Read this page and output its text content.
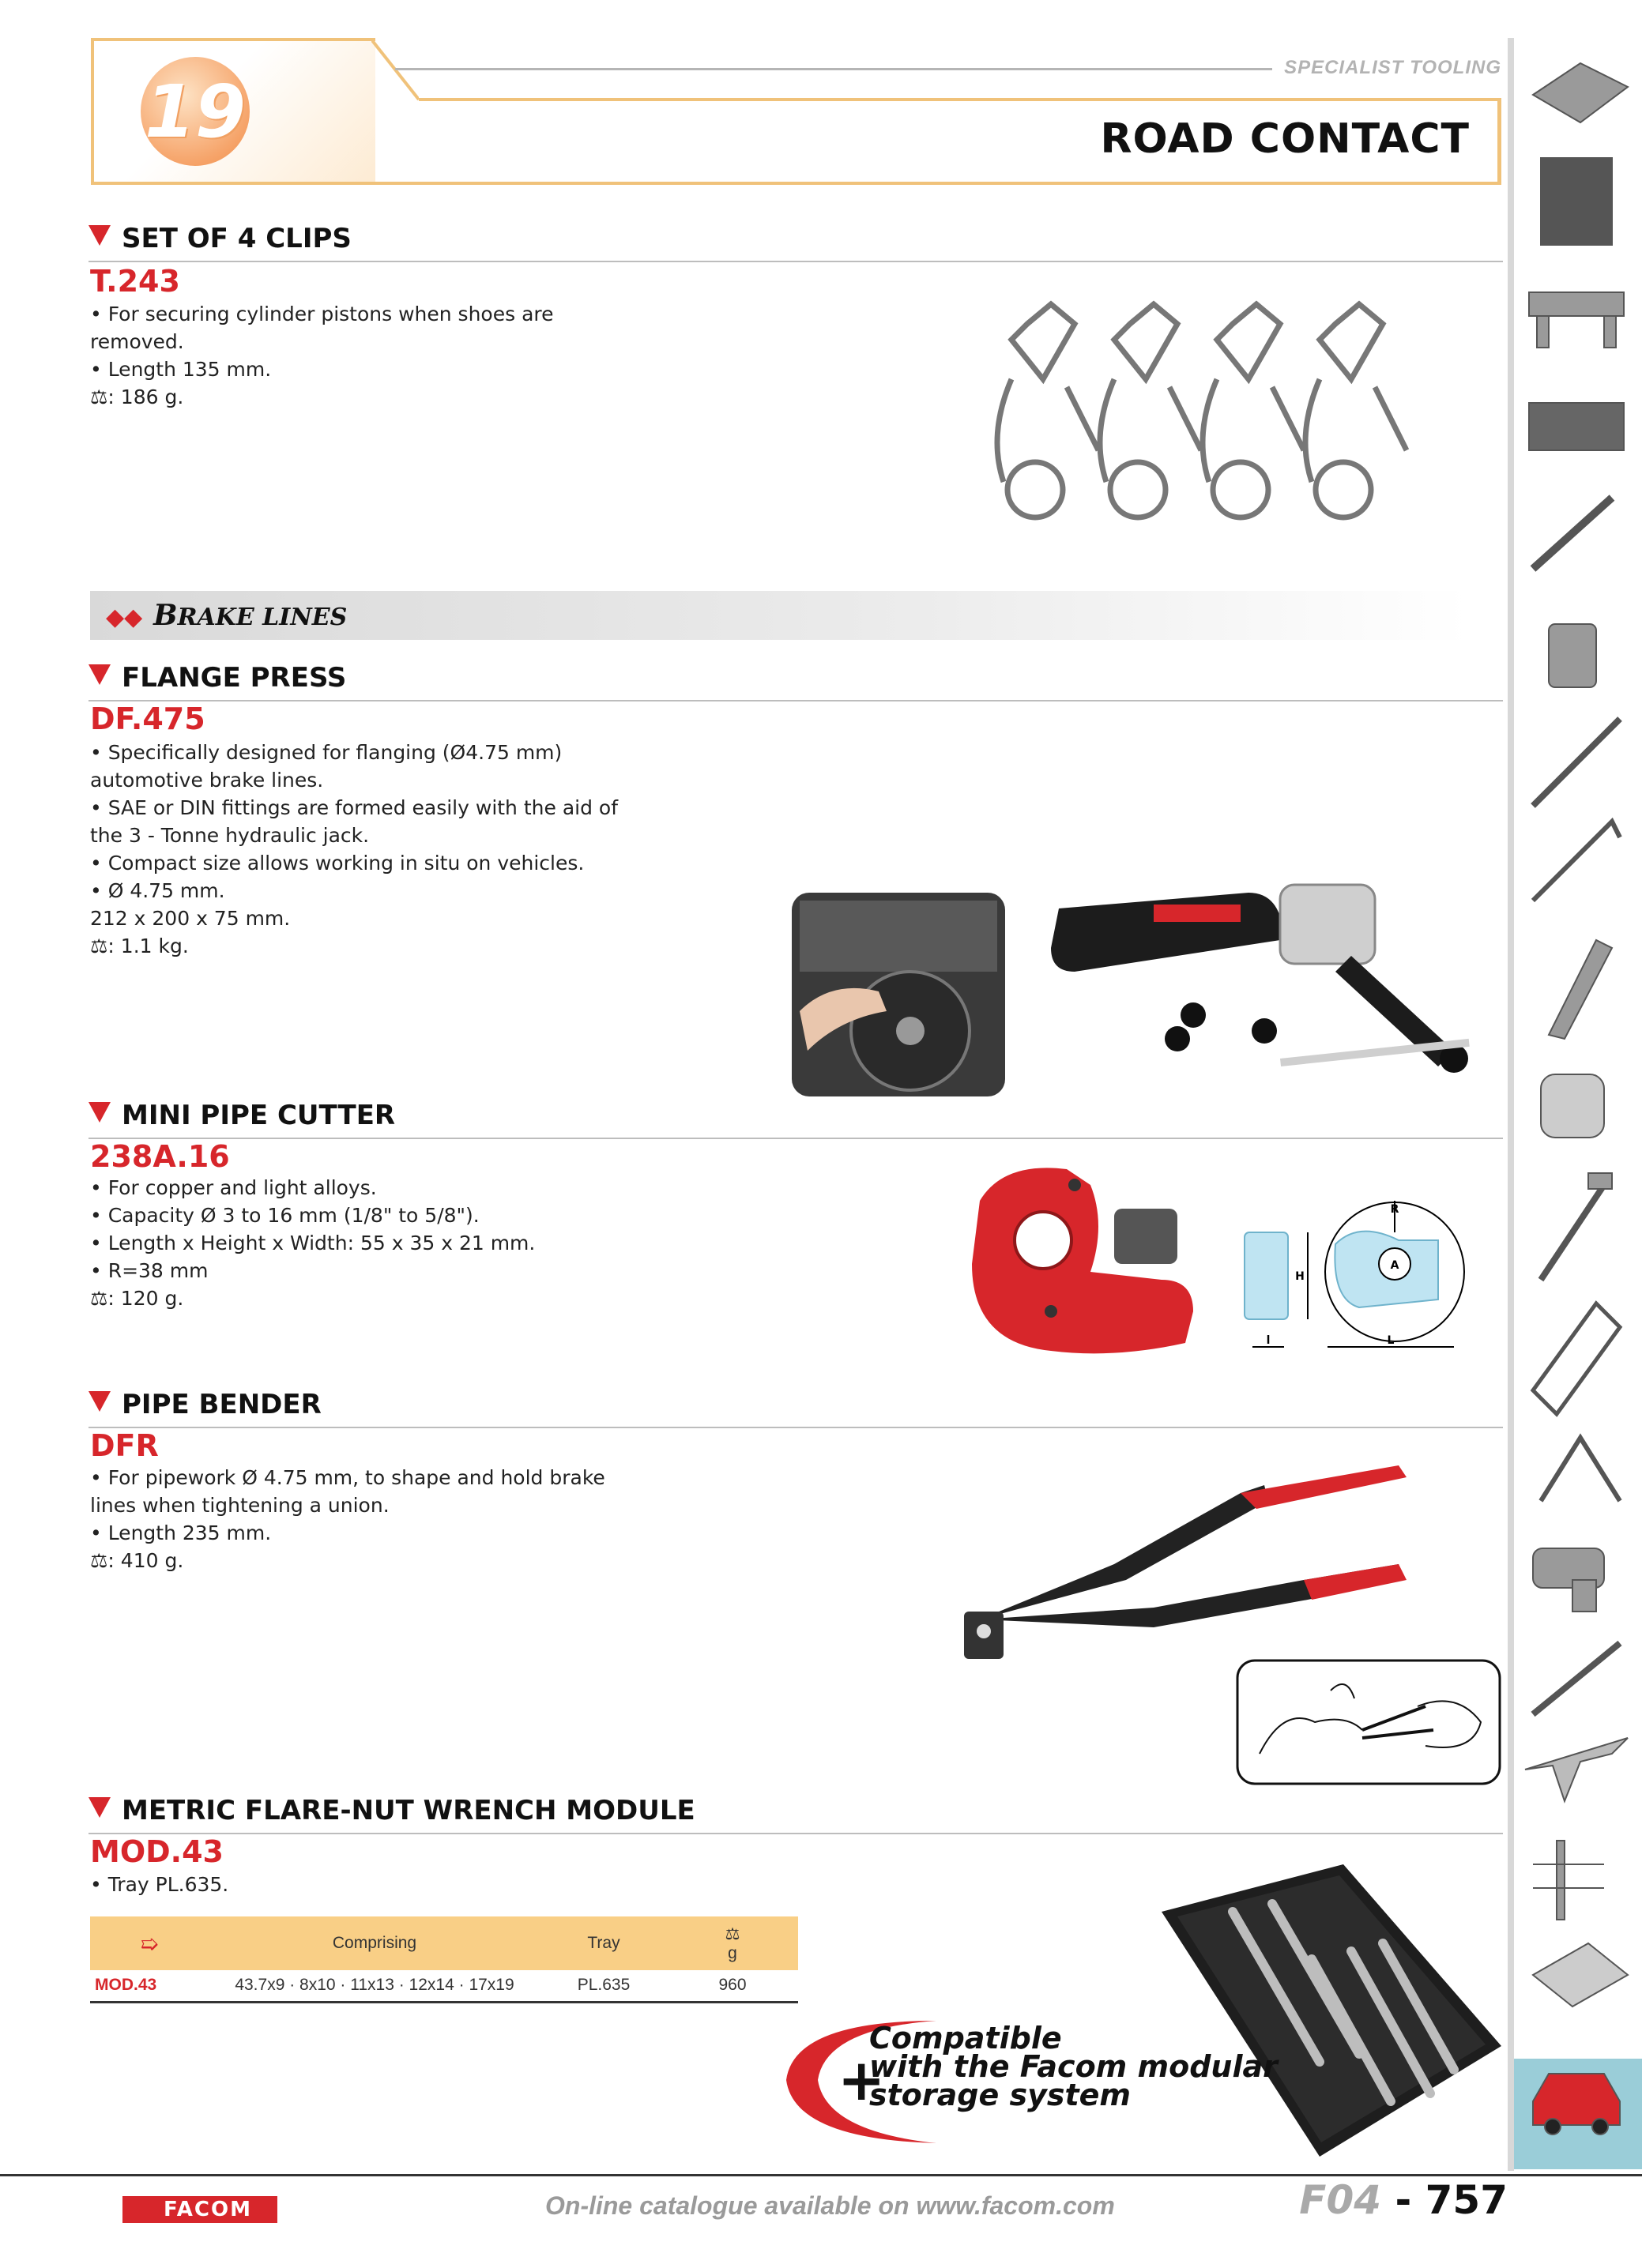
19
SPECIALIST TOOLING
ROAD CONTACT
SET OF 4 CLIPS
T.243
• For securing cylinder pistons when shoes are
removed.
• Length 135 mm.
⚖: 186 g.
◆◆ BRAKE LINES
FLANGE PRESS
DF.475
• Specifically designed for flanging (Ø4.75 mm)
automotive brake lines.
• SAE or DIN fittings are formed easily with the aid of
the 3 - Tonne hydraulic jack.
• Compact size allows working in situ on vehicles.
• Ø 4.75 mm.
212 x 200 x 75 mm.
⚖: 1.1 kg.
MINI PIPE CUTTER
238A.16
• For copper and light alloys.
• Capacity Ø 3 to 16 mm (1/8" to 5/8").
• Length x Height x Width: 55 x 35 x 21 mm.
• R=38 mm
⚖: 120 g.
R
A
H
l	L
PIPE BENDER
DFR
• For pipework Ø 4.75 mm, to shape and hold brake
lines when tightening a union.
• Length 235 mm.
⚖: 410 g.
METRIC FLARE-NUT WRENCH MODULE
MOD.43
• Tray PL.635.
➯	Comprising	Tray	⚖
g

MOD.43	43.7x9 · 8x10 · 11x13 · 12x14 · 17x19	PL.635	960
+
Compatible
with the Facom modular
storage system
FACOM	On-line catalogue available on www.facom.com	F04 - 757
